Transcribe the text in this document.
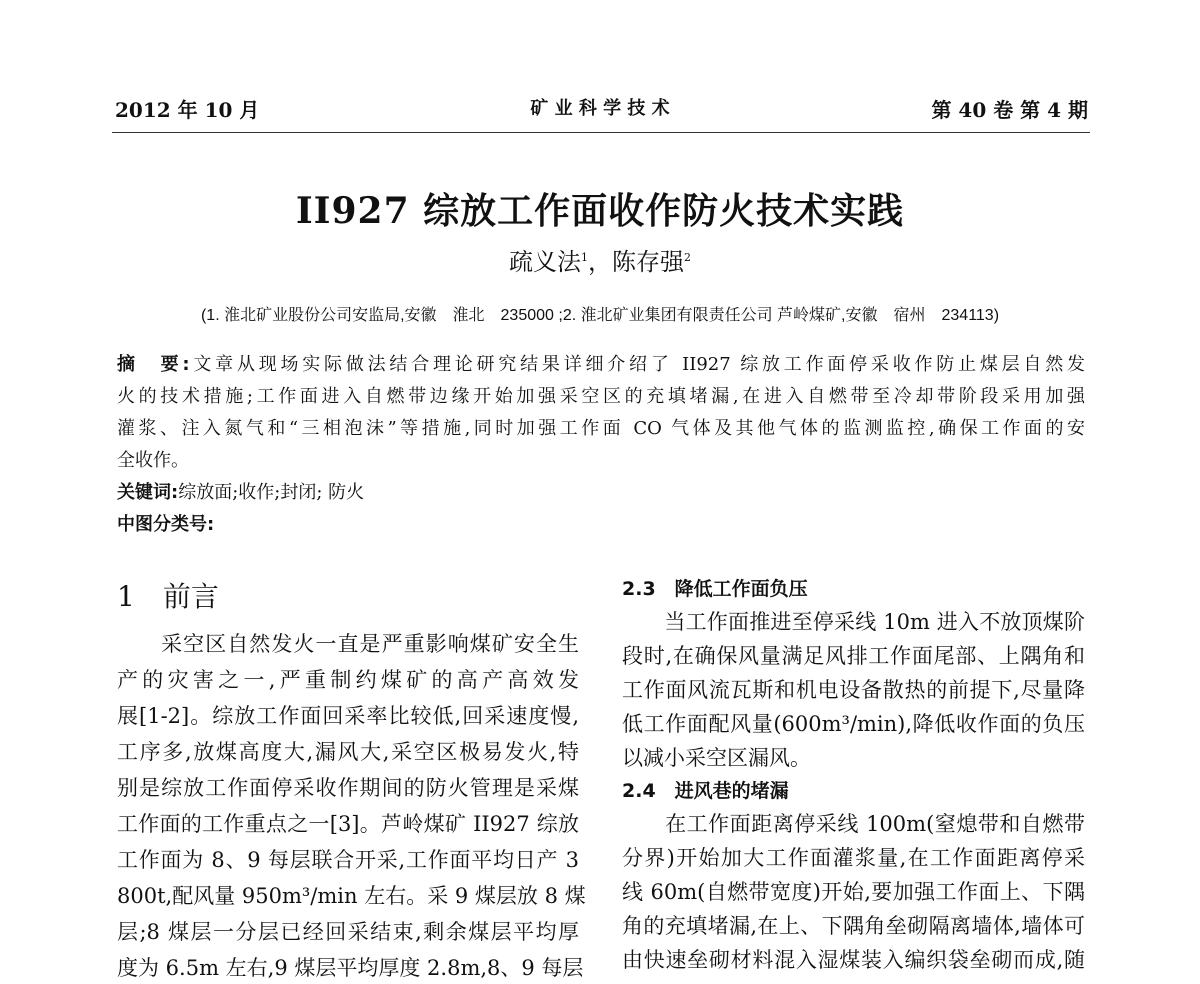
2012 年 10 月	矿 业 科 学 技 术	第 40 卷 第 4 期
II927 综放工作面收作防火技术实践
疏义法$^1$，陈存强$^2$
(1. 淮北矿业股份公司安监局,安徽　淮北　235000 ;2. 淮北矿业集团有限责任公司 芦岭煤矿,安徽　宿州　234113)
摘　要:文章从现场实际做法结合理论研究结果详细介绍了 II927 综放工作面停采收作防止煤层自然发
火的技术措施;工作面进入自燃带边缘开始加强采空区的充填堵漏,在进入自燃带至冷却带阶段采用加强
灌浆、注入氮气和“三相泡沫”等措施,同时加强工作面 CO 气体及其他气体的监测监控,确保工作面的安
全收作。
关键词:综放面;收作;封闭; 防火
中图分类号:
1　前言
　　采空区自然发火一直是严重影响煤矿安全生
产的灾害之一,严重制约煤矿的高产高效发
展[1-2]。综放工作面回采率比较低,回采速度慢,
工序多,放煤高度大,漏风大,采空区极易发火,特
别是综放工作面停采收作期间的防火管理是采煤
工作面的工作重点之一[3]。芦岭煤矿 II927 综放
工作面为 8、9 每层联合开采,工作面平均日产 3
800t,配风量 950m³/min 左右。采 9 煤层放 8 煤
层;8 煤层一分层已经回采结束,剩余煤层平均厚
度为 6.5m 左右,9 煤层平均厚度 2.8m,8、9 每层
2.3　降低工作面负压
2.4　进风巷的堵漏
　　当工作面推进至停采线 10m 进入不放顶煤阶
段时,在确保风量满足风排工作面尾部、上隅角和
工作面风流瓦斯和机电设备散热的前提下,尽量降
低工作面配风量(600m³/min),降低收作面的负压
以减小采空区漏风。
　　在工作面距离停采线 100m(窒熄带和自燃带
分界)开始加大工作面灌浆量,在工作面距离停采
线 60m(自燃带宽度)开始,要加强工作面上、下隅
角的充填堵漏,在上、下隅角垒砌隔离墙体,墙体可
由快速垒砌材料混入湿煤装入编织袋垒砌而成,随
